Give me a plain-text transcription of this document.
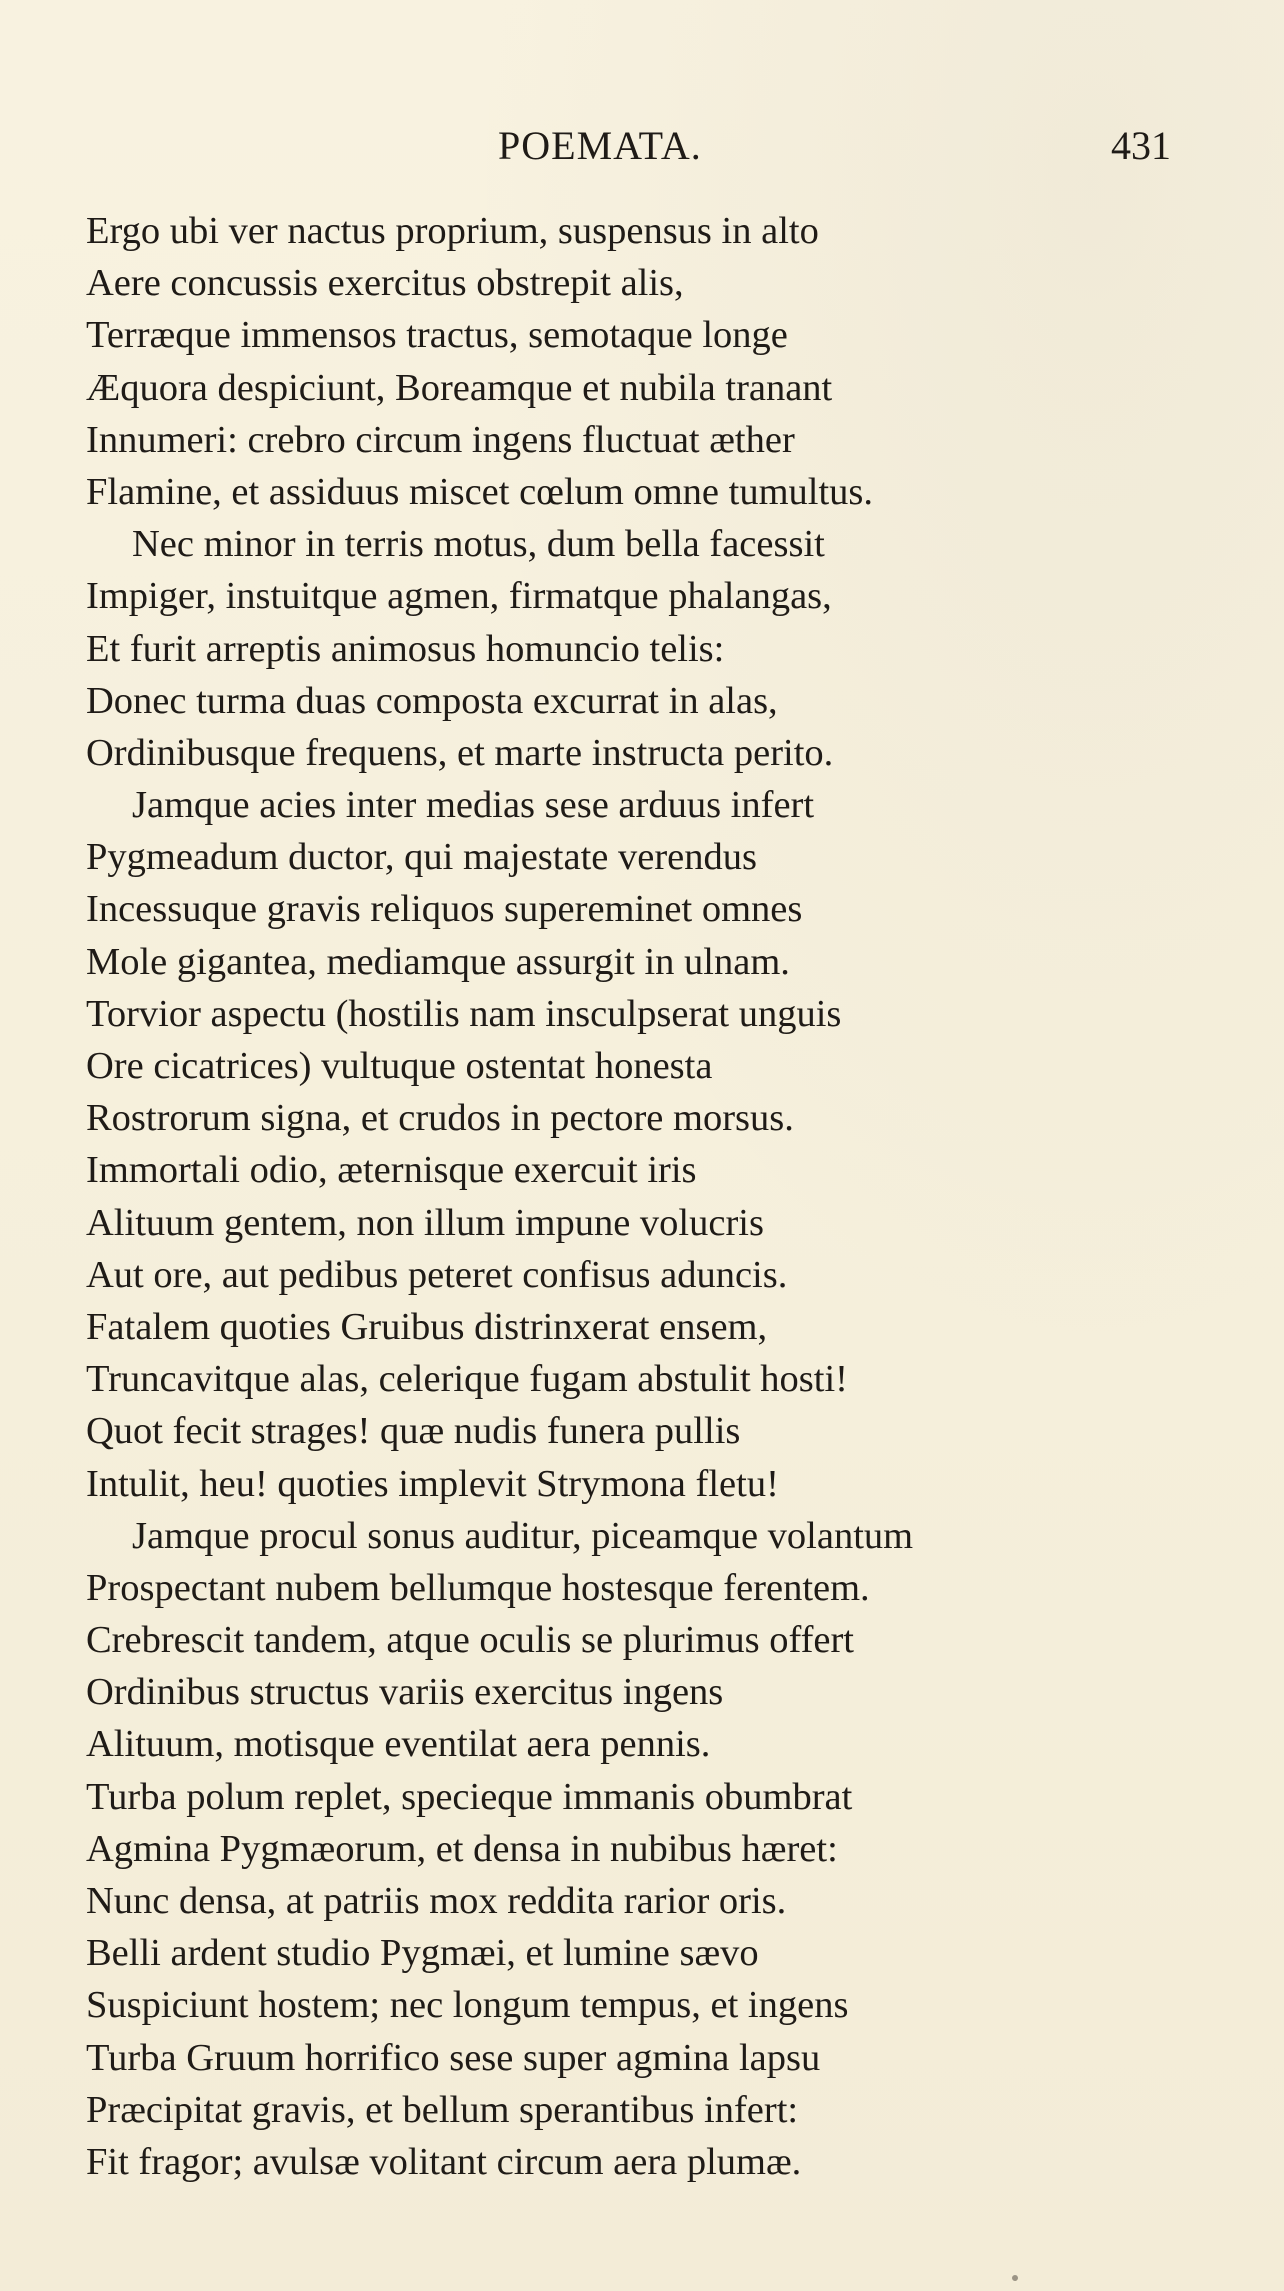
POEMATA.	431
Ergo ubi ver nactus proprium, suspensus in alto
Aere concussis exercitus obstrepit alis,
Terræque immensos tractus, semotaque longe
Æquora despiciunt, Boreamque et nubila tranant
Innumeri: crebro circum ingens fluctuat æther
Flamine, et assiduus miscet cœlum omne tumultus.
Nec minor in terris motus, dum bella facessit
Impiger, instuitque agmen, firmatque phalangas,
Et furit arreptis animosus homuncio telis:
Donec turma duas composta excurrat in alas,
Ordinibusque frequens, et marte instructa perito.
Jamque acies inter medias sese arduus infert
Pygmeadum ductor, qui majestate verendus
Incessuque gravis reliquos supereminet omnes
Mole gigantea, mediamque assurgit in ulnam.
Torvior aspectu (hostilis nam insculpserat unguis
Ore cicatrices) vultuque ostentat honesta
Rostrorum signa, et crudos in pectore morsus.
Immortali odio, æternisque exercuit iris
Alituum gentem, non illum impune volucris
Aut ore, aut pedibus peteret confisus aduncis.
Fatalem quoties Gruibus distrinxerat ensem,
Truncavitque alas, celerique fugam abstulit hosti!
Quot fecit strages! quæ nudis funera pullis
Intulit, heu! quoties implevit Strymona fletu!
Jamque procul sonus auditur, piceamque volantum
Prospectant nubem bellumque hostesque ferentem.
Crebrescit tandem, atque oculis se plurimus offert
Ordinibus structus variis exercitus ingens
Alituum, motisque eventilat aera pennis.
Turba polum replet, specieque immanis obumbrat
Agmina Pygmæorum, et densa in nubibus hæret:
Nunc densa, at patriis mox reddita rarior oris.
Belli ardent studio Pygmæi, et lumine sævo
Suspiciunt hostem; nec longum tempus, et ingens
Turba Gruum horrifico sese super agmina lapsu
Præcipitat gravis, et bellum sperantibus infert:
Fit fragor; avulsæ volitant circum aera plumæ.
